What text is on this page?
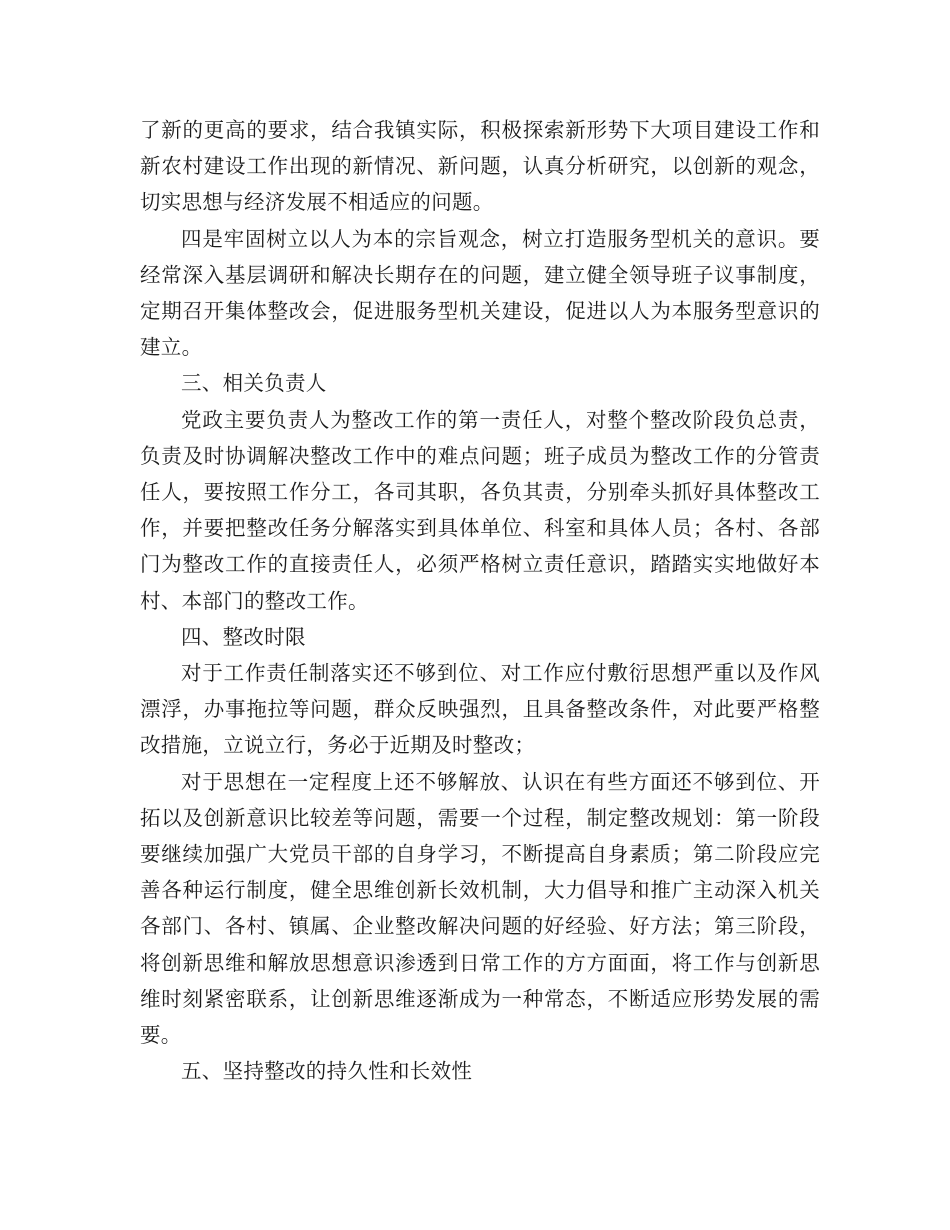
了新的更高的要求，结合我镇实际，积极探索新形势下大项目建设工作和新农村建设工作出现的新情况、新问题，认真分析研究，以创新的观念，切实思想与经济发展不相适应的问题。

四是牢固树立以人为本的宗旨观念，树立打造服务型机关的意识。要经常深入基层调研和解决长期存在的问题，建立健全领导班子议事制度，定期召开集体整改会，促进服务型机关建设，促进以人为本服务型意识的建立。

三、相关负责人

党政主要负责人为整改工作的第一责任人，对整个整改阶段负总责，负责及时协调解决整改工作中的难点问题；班子成员为整改工作的分管责任人，要按照工作分工，各司其职，各负其责，分别牵头抓好具体整改工作，并要把整改任务分解落实到具体单位、科室和具体人员；各村、各部门为整改工作的直接责任人，必须严格树立责任意识，踏踏实实地做好本村、本部门的整改工作。

四、整改时限

对于工作责任制落实还不够到位、对工作应付敷衍思想严重以及作风漂浮，办事拖拉等问题，群众反映强烈，且具备整改条件，对此要严格整改措施，立说立行，务必于近期及时整改；

对于思想在一定程度上还不够解放、认识在有些方面还不够到位、开拓以及创新意识比较差等问题，需要一个过程，制定整改规划：第一阶段要继续加强广大党员干部的自身学习，不断提高自身素质；第二阶段应完善各种运行制度，健全思维创新长效机制，大力倡导和推广主动深入机关各部门、各村、镇属、企业整改解决问题的好经验、好方法；第三阶段，将创新思维和解放思想意识渗透到日常工作的方方面面，将工作与创新思维时刻紧密联系，让创新思维逐渐成为一种常态，不断适应形势发展的需要。

五、坚持整改的持久性和长效性
